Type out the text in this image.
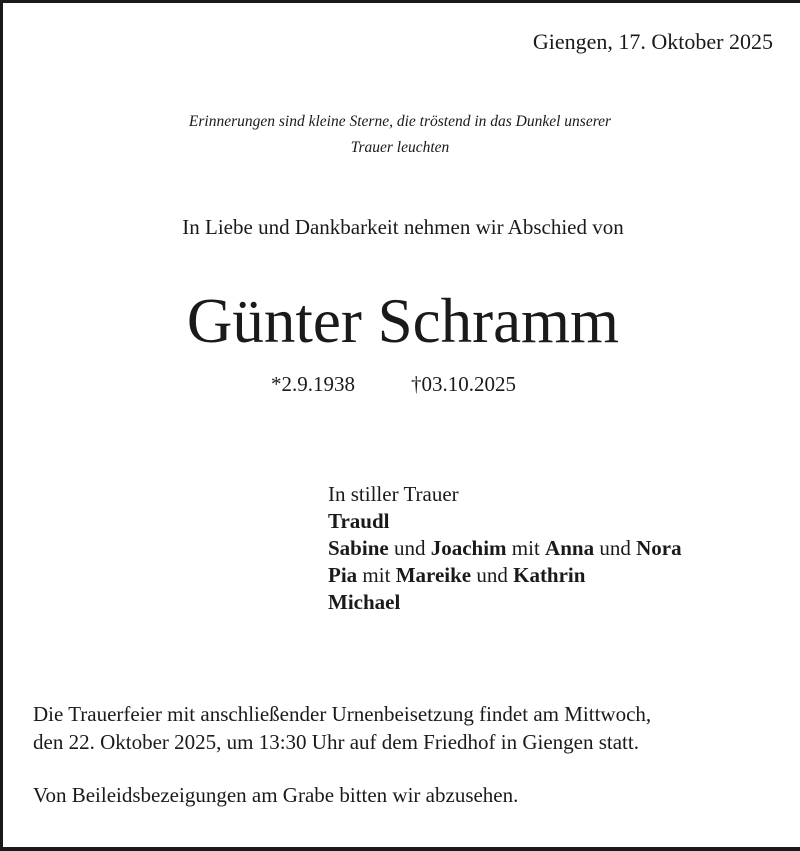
Giengen, 17. Oktober 2025
Erinnerungen sind kleine Sterne, die tröstend in das Dunkel unserer
Trauer leuchten
In Liebe und Dankbarkeit nehmen wir Abschied von
Günter Schramm
*2.9.1938	†03.10.2025
In stiller Trauer
Traudl
Sabine und Joachim mit Anna und Nora
Pia mit Mareike und Kathrin
Michael
Die Trauerfeier mit anschließender Urnenbeisetzung findet am Mittwoch,
den 22. Oktober 2025, um 13:30 Uhr auf dem Friedhof in Giengen statt.
Von Beileidsbezeigungen am Grabe bitten wir abzusehen.
